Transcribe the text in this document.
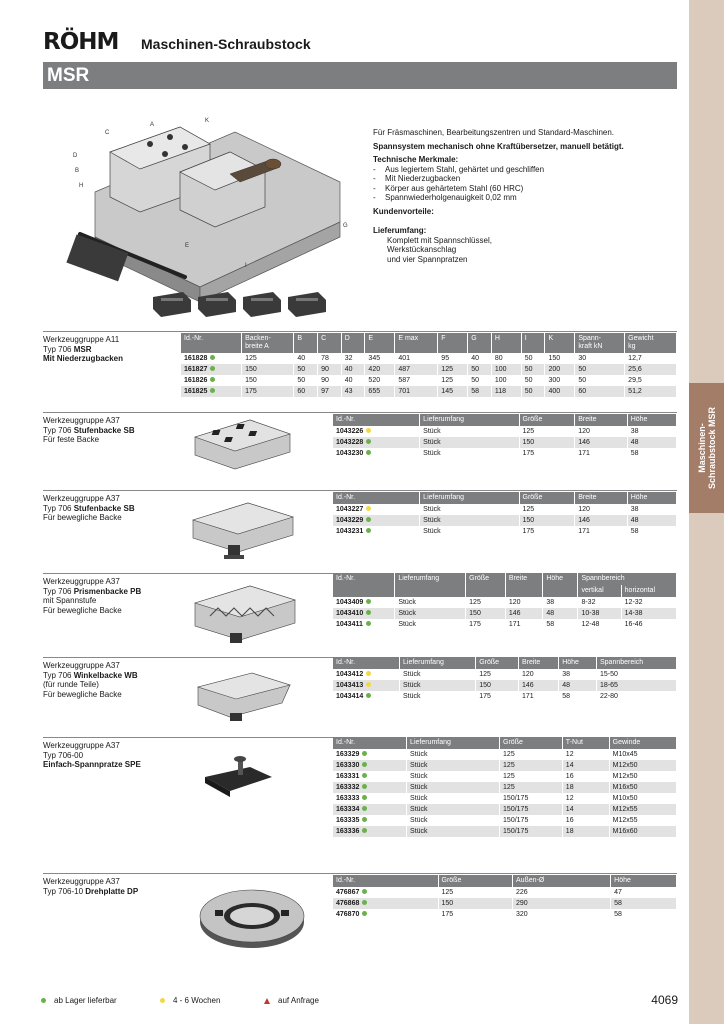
Maschinen- Schraubstock MSR
RÖHM Maschinen-Schraubstock
MSR
C
A
K
D
B
H
G
E
I

Für Fräsmaschinen, Bearbeitungszentren und Standard-Maschinen.

Spannsystem mechanisch ohne Kraftübersetzer, manuell betätigt.

Technische Merkmale:

- Aus legiertem Stahl, gehärtet und geschliffen
- Mit Niederzugbacken
- Körper aus gehärtetem Stahl (60 HRC)
- Spannwiederholgenauigkeit 0,02 mm

Kundenvorteile:

Lieferumfang:

Komplett mit Spannschlüssel,
Werkstückanschlag
und vier Spannpratzen
Werkzeuggruppe A11
Typ 706 MSR
Mit Niederzugbacken
Id.-Nr.	Backen-
breite A	B	C	D	E	E max	F	G	H	I	K	Spann-
kraft kN	Gewicht
kg
161828	125	40	78	32	345	401	95	40	80	50	150	30	12,7
161827	150	50	90	40	420	487	125	50	100	50	200	50	25,6
161826	150	50	90	40	520	587	125	50	100	50	300	50	29,5
161825	175	60	97	43	655	701	145	58	118	50	400	60	51,2
Werkzeuggruppe A37
Typ 706 Stufenbacke SB
Für feste Backe
Id.-Nr.	Lieferumfang	Größe	Breite	Höhe
1043226	Stück	125	120	38
1043228	Stück	150	146	48
1043230	Stück	175	171	58
Werkzeuggruppe A37
Typ 706 Stufenbacke SB
Für bewegliche Backe
Id.-Nr.	Lieferumfang	Größe	Breite	Höhe
1043227	Stück	125	120	38
1043229	Stück	150	146	48
1043231	Stück	175	171	58
Werkzeuggruppe A37
Typ 706 Prismenbacke PB
mit Spannstufe
Für bewegliche Backe
Id.-Nr.	Lieferumfang	Größe	Breite	Höhe	Spannbereich	
					vertikal	horizontal
1043409	Stück	125	120	38	8-32	12-32
1043410	Stück	150	146	48	10-38	14-38
1043411	Stück	175	171	58	12-48	16-46
Werkzeuggruppe A37
Typ 706 Winkelbacke WB
(für runde Teile)
Für bewegliche Backe
Id.-Nr.	Lieferumfang	Größe	Breite	Höhe	Spannbereich
1043412	Stück	125	120	38	15-50
1043413	Stück	150	146	48	18-65
1043414	Stück	175	171	58	22-80
Werkzeuggruppe A37
Typ 706-00
Einfach-Spannpratze SPE
Id.-Nr.	Lieferumfang	Größe	T-Nut	Gewinde
163329	Stück	125	12	M10x45
163330	Stück	125	14	M12x50
163331	Stück	125	16	M12x50
163332	Stück	125	18	M16x50
163333	Stück	150/175	12	M10x50
163334	Stück	150/175	14	M12x55
163335	Stück	150/175	16	M12x55
163336	Stück	150/175	18	M16x60
Werkzeuggruppe A37
Typ 706-10 Drehplatte DP
Id.-Nr.	Größe	Außen-Ø	Höhe
476867	125	226	47
476868	150	290	58
476870	175	320	58
ab Lager lieferbar	4 - 6 Wochen	auf Anfrage	4069
